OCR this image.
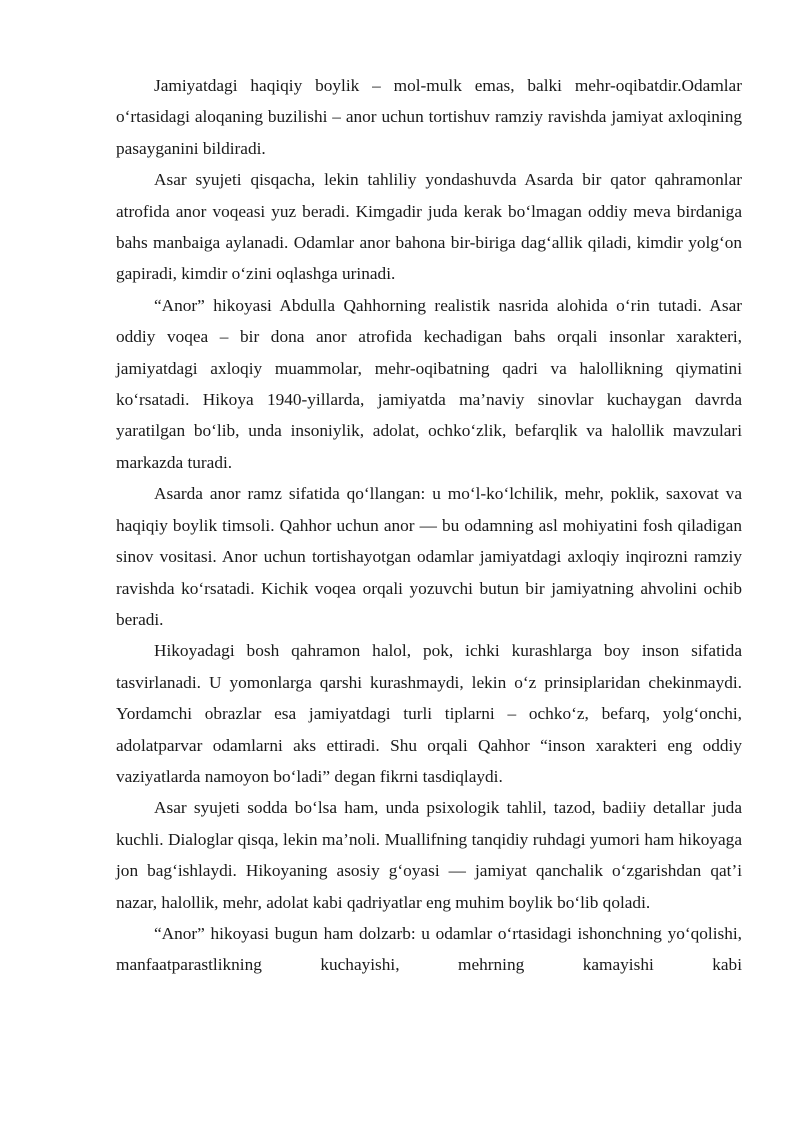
Jamiyatdagi haqiqiy boylik – mol-mulk emas, balki mehr-oqibatdir.Odamlar o‘rtasidagi aloqaning buzilishi – anor uchun tortishuv ramziy ravishda jamiyat axloqining pasayganini bildiradi.

Asar syujeti qisqacha, lekin tahliliy yondashuvda Asarda bir qator qahramonlar atrofida anor voqeasi yuz beradi. Kimgadir juda kerak bo‘lmagan oddiy meva birdaniga bahs manbaiga aylanadi. Odamlar anor bahona bir-biriga dag‘allik qiladi, kimdir yolg‘on gapiradi, kimdir o‘zini oqlashga urinadi.

“Anor” hikoyasi Abdulla Qahhorning realistik nasrida alohida o‘rin tutadi. Asar oddiy voqea – bir dona anor atrofida kechadigan bahs orqali insonlar xarakteri, jamiyatdagi axloqiy muammolar, mehr-oqibatning qadri va halollikning qiymatini ko‘rsatadi. Hikoya 1940-yillarda, jamiyatda ma’naviy sinovlar kuchaygan davrda yaratilgan bo‘lib, unda insoniylik, adolat, ochko‘zlik, befarqlik va halollik mavzulari markazda turadi.

Asarda anor ramz sifatida qo‘llangan: u mo‘l-ko‘lchilik, mehr, poklik, saxovat va haqiqiy boylik timsoli. Qahhor uchun anor — bu odamning asl mohiyatini fosh qiladigan sinov vositasi. Anor uchun tortishayotgan odamlar jamiyatdagi axloqiy inqirozni ramziy ravishda ko‘rsatadi. Kichik voqea orqali yozuvchi butun bir jamiyatning ahvolini ochib beradi.

Hikoyadagi bosh qahramon halol, pok, ichki kurashlarga boy inson sifatida tasvirlanadi. U yomonlarga qarshi kurashmaydi, lekin o‘z prinsiplaridan chekinmaydi. Yordamchi obrazlar esa jamiyatdagi turli tiplarni – ochko‘z, befarq, yolg‘onchi, adolatparvar odamlarni aks ettiradi. Shu orqali Qahhor “inson xarakteri eng oddiy vaziyatlarda namoyon bo‘ladi” degan fikrni tasdiqlaydi.

Asar syujeti sodda bo‘lsa ham, unda psixologik tahlil, tazod, badiiy detallar juda kuchli. Dialoglar qisqa, lekin ma’noli. Muallifning tanqidiy ruhdagi yumori ham hikoyaga jon bag‘ishlaydi. Hikoyaning asosiy g‘oyasi — jamiyat qanchalik o‘zgarishdan qat’i nazar, halollik, mehr, adolat kabi qadriyatlar eng muhim boylik bo‘lib qoladi.

“Anor” hikoyasi bugun ham dolzarb: u odamlar o‘rtasidagi ishonchning yo‘qolishi, manfaatparastlikning kuchayishi, mehrning kamayishi kabi
